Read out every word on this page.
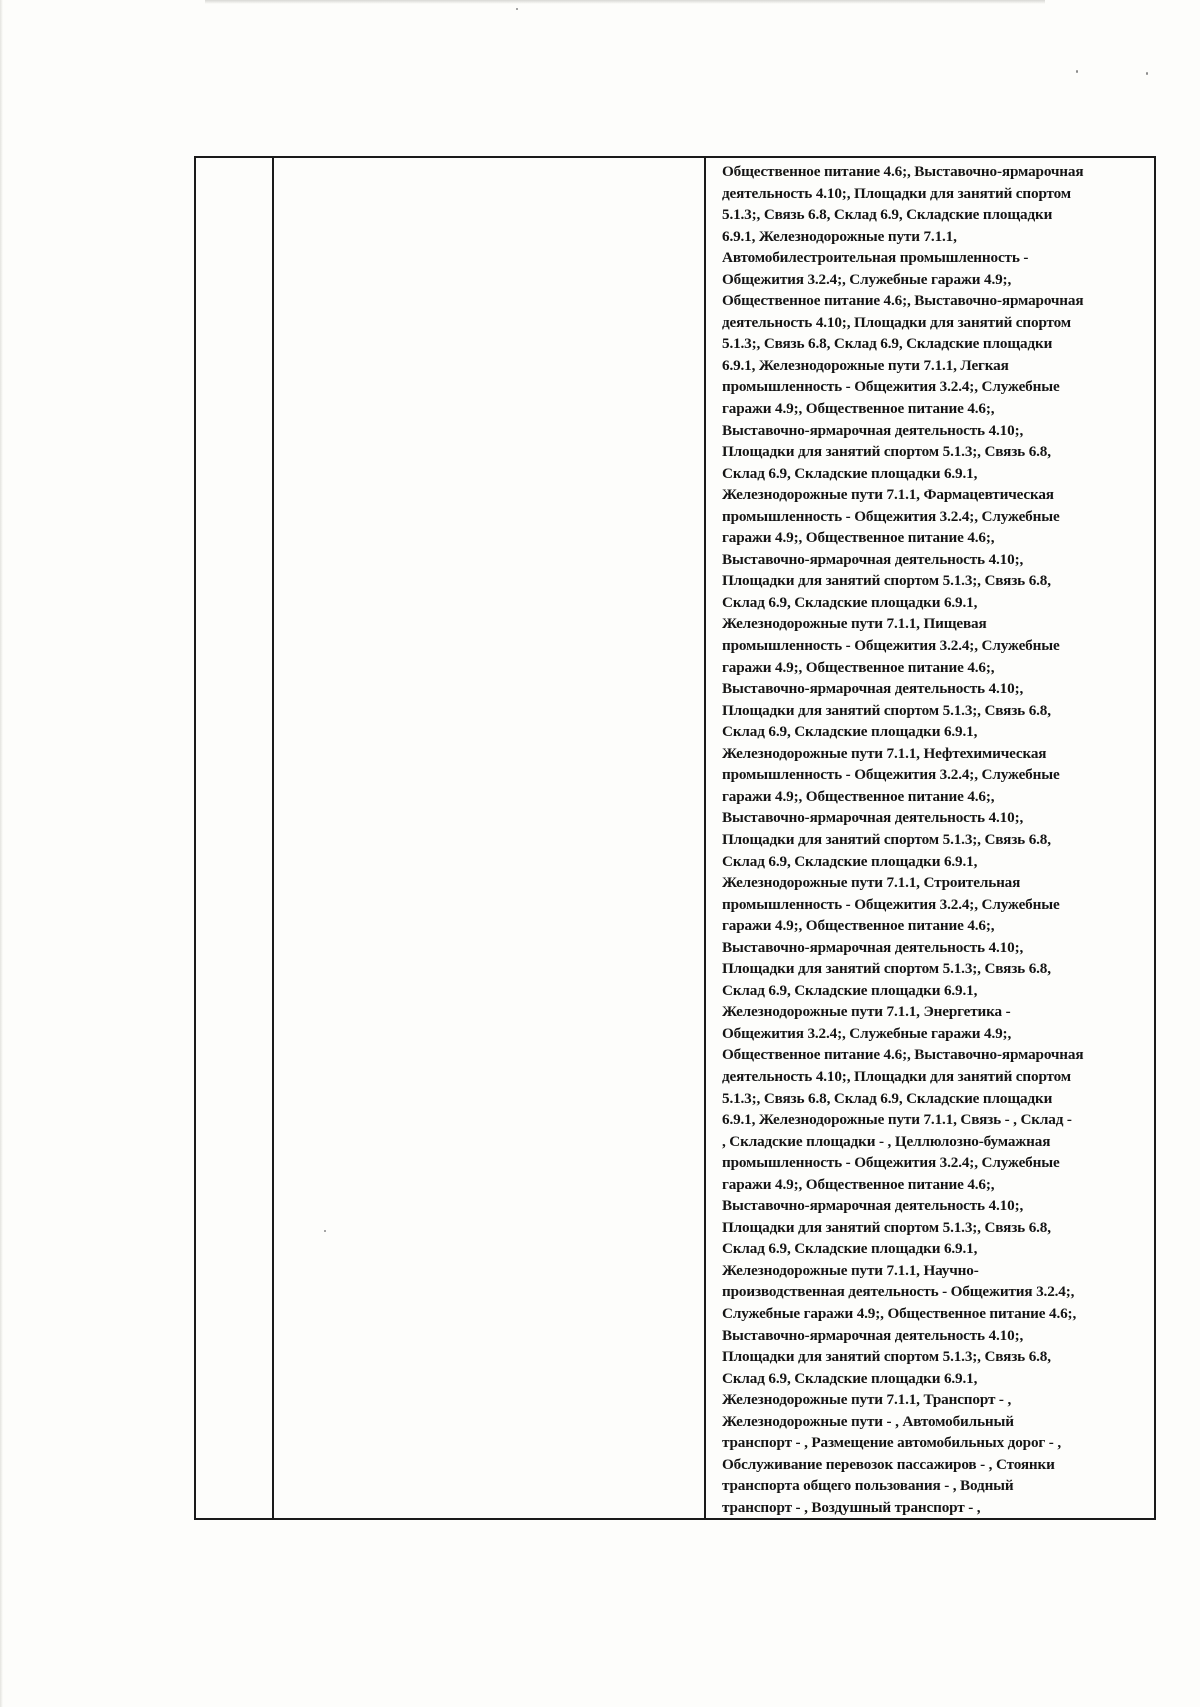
Общественное питание 4.6;, Выставочно-ярмарочная
деятельность 4.10;, Площадки для занятий спортом
5.1.3;, Связь 6.8, Склад 6.9, Складские площадки
6.9.1, Железнодорожные пути 7.1.1,
Автомобилестроительная промышленность -
Общежития 3.2.4;, Служебные гаражи 4.9;,
Общественное питание 4.6;, Выставочно-ярмарочная
деятельность 4.10;, Площадки для занятий спортом
5.1.3;, Связь 6.8, Склад 6.9, Складские площадки
6.9.1, Железнодорожные пути 7.1.1, Легкая
промышленность - Общежития 3.2.4;, Служебные
гаражи 4.9;, Общественное питание 4.6;,
Выставочно-ярмарочная деятельность 4.10;,
Площадки для занятий спортом 5.1.3;, Связь 6.8,
Склад 6.9, Складские площадки 6.9.1,
Железнодорожные пути 7.1.1, Фармацевтическая
промышленность - Общежития 3.2.4;, Служебные
гаражи 4.9;, Общественное питание 4.6;,
Выставочно-ярмарочная деятельность 4.10;,
Площадки для занятий спортом 5.1.3;, Связь 6.8,
Склад 6.9, Складские площадки 6.9.1,
Железнодорожные пути 7.1.1, Пищевая
промышленность - Общежития 3.2.4;, Служебные
гаражи 4.9;, Общественное питание 4.6;,
Выставочно-ярмарочная деятельность 4.10;,
Площадки для занятий спортом 5.1.3;, Связь 6.8,
Склад 6.9, Складские площадки 6.9.1,
Железнодорожные пути 7.1.1, Нефтехимическая
промышленность - Общежития 3.2.4;, Служебные
гаражи 4.9;, Общественное питание 4.6;,
Выставочно-ярмарочная деятельность 4.10;,
Площадки для занятий спортом 5.1.3;, Связь 6.8,
Склад 6.9, Складские площадки 6.9.1,
Железнодорожные пути 7.1.1, Строительная
промышленность - Общежития 3.2.4;, Служебные
гаражи 4.9;, Общественное питание 4.6;,
Выставочно-ярмарочная деятельность 4.10;,
Площадки для занятий спортом 5.1.3;, Связь 6.8,
Склад 6.9, Складские площадки 6.9.1,
Железнодорожные пути 7.1.1, Энергетика -
Общежития 3.2.4;, Служебные гаражи 4.9;,
Общественное питание 4.6;, Выставочно-ярмарочная
деятельность 4.10;, Площадки для занятий спортом
5.1.3;, Связь 6.8, Склад 6.9, Складские площадки
6.9.1, Железнодорожные пути 7.1.1, Связь - , Склад -
, Складские площадки - , Целлюлозно-бумажная
промышленность - Общежития 3.2.4;, Служебные
гаражи 4.9;, Общественное питание 4.6;,
Выставочно-ярмарочная деятельность 4.10;,
Площадки для занятий спортом 5.1.3;, Связь 6.8,
Склад 6.9, Складские площадки 6.9.1,
Железнодорожные пути 7.1.1, Научно-
производственная деятельность - Общежития 3.2.4;,
Служебные гаражи 4.9;, Общественное питание 4.6;,
Выставочно-ярмарочная деятельность 4.10;,
Площадки для занятий спортом 5.1.3;, Связь 6.8,
Склад 6.9, Складские площадки 6.9.1,
Железнодорожные пути 7.1.1, Транспорт - ,
Железнодорожные пути - , Автомобильный
транспорт - , Размещение автомобильных дорог - ,
Обслуживание перевозок пассажиров - , Стоянки
транспорта общего пользования - , Водный
транспорт - , Воздушный транспорт - ,
